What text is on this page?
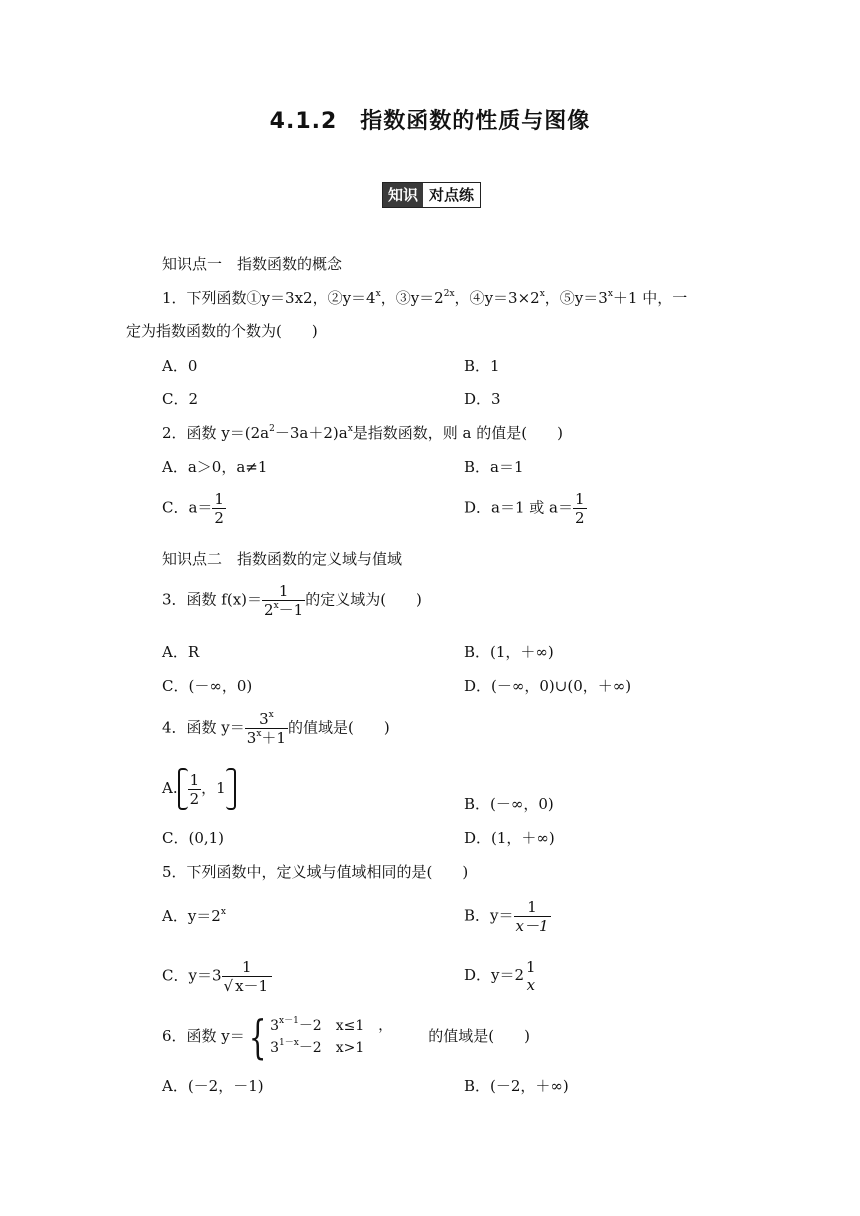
4.1.2　指数函数的性质与图像
知识 对点练
知识点一　指数函数的概念
1．下列函数①y＝3x2，$②y=4^x$，$③y=2^{2x}$，$④y=3\times 2^x$，$⑤y=3^x+1$ 中，一
定为指数函数的个数为(　　)
A．0	B．1
C．2	D．3
2．函数 $y=(2a^2-3a+2)a^x$是指数函数，则 a 的值是(　　)
A．a＞0，a≠1	B．a＝1
C．$a= \frac{1}{2}$	D．a＝1 或 $a= \frac{1}{2}$
知识点二　指数函数的定义域与值域
3．函数 $f(x)= \frac{1}{2^x-1}$ 的定义域为(　　)
A．R	B．(1，＋∞)
C．(－∞，0)	D．(－∞，0)∪(0，＋∞)
4．函数 $y= \frac{3^x}{3^x+1}$ 的值域是(　　)
A. $\frac{1}{2}$ ，1
B．(－∞，0)
C．(0,1)	D．(1，＋∞)
5．下列函数中，定义域与值域相同的是(　　)
A．$y=2^x$	B．$y= \frac{1}{x-1}$
C．$y=3 \frac{1}{√ x-1}$	D．y＝2 1
x
6．函数 y＝{ $3^{x-1}-2$　x≤1　，
$3^{1-x}-2$　x>1
的值域是(　　)
A．(－2，－1)	B．(－2，＋∞)
